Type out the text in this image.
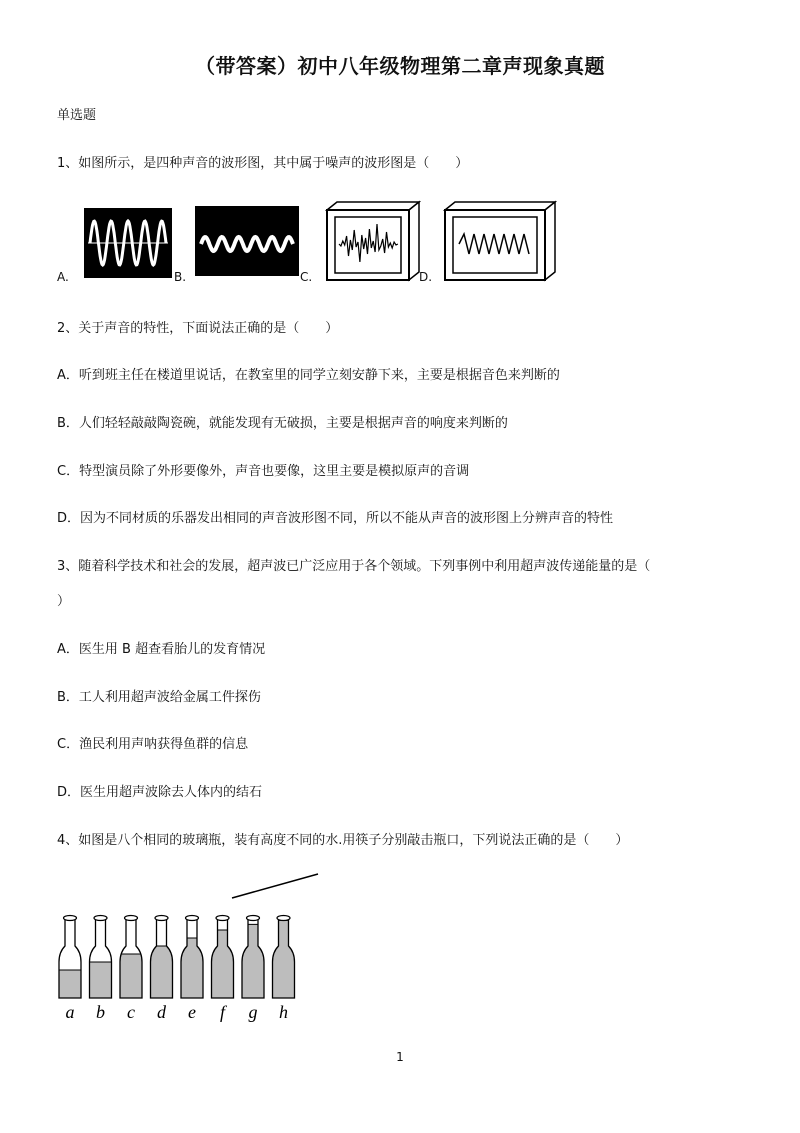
（带答案）初中八年级物理第二章声现象真题
单选题
1、如图所示，是四种声音的波形图，其中属于噪声的波形图是（　　）
A.	B.	C.	D.
2、关于声音的特性，下面说法正确的是（　　）
A．听到班主任在楼道里说话，在教室里的同学立刻安静下来，主要是根据音色来判断的
B．人们轻轻敲敲陶瓷碗，就能发现有无破损，主要是根据声音的响度来判断的
C．特型演员除了外形要像外，声音也要像，这里主要是模拟原声的音调
D．因为不同材质的乐器发出相同的声音波形图不同，所以不能从声音的波形图上分辨声音的特性
3、随着科学技术和社会的发展，超声波已广泛应用于各个领域。下列事例中利用超声波传递能量的是（
）
A．医生用 B 超查看胎儿的发育情况
B．工人利用超声波给金属工件探伤
C．渔民利用声呐获得鱼群的信息
D．医生用超声波除去人体内的结石
4、如图是八个相同的玻璃瓶，装有高度不同的水.用筷子分别敲击瓶口，下列说法正确的是（　　）
a b c d e f g h
1
